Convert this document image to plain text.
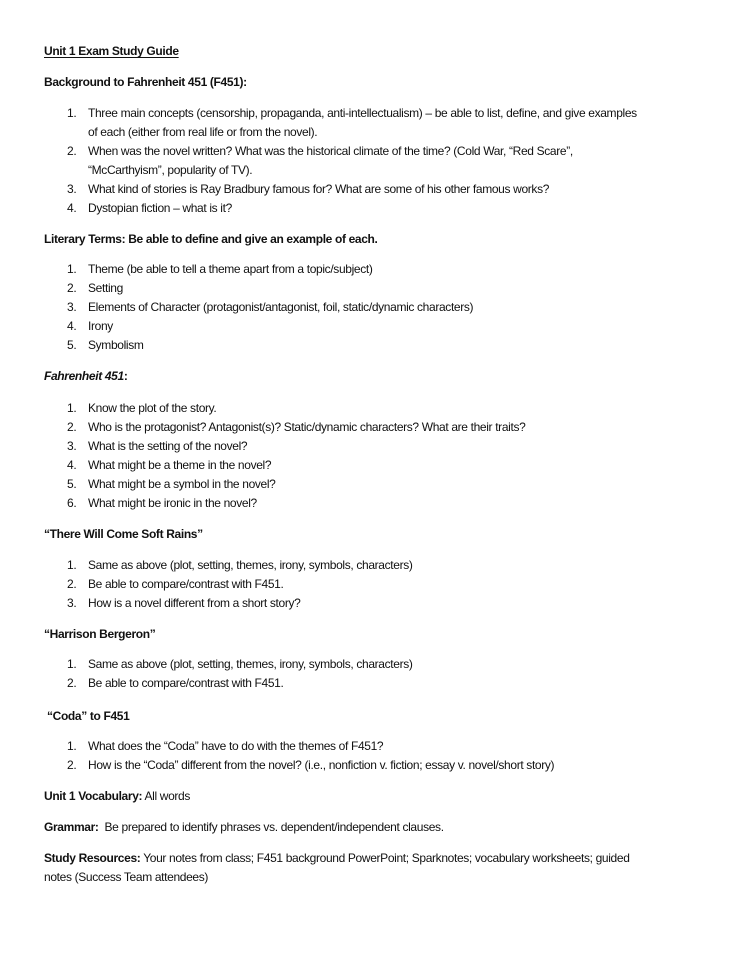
Unit 1 Exam Study Guide
Background to Fahrenheit 451 (F451):
1. Three main concepts (censorship, propaganda, anti-intellectualism) – be able to list, define, and give examples
of each (either from real life or from the novel).
2. When was the novel written? What was the historical climate of the time? (Cold War, “Red Scare”,
“McCarthyism”, popularity of TV).
3. What kind of stories is Ray Bradbury famous for? What are some of his other famous works?
4. Dystopian fiction – what is it?
Literary Terms: Be able to define and give an example of each.
1. Theme (be able to tell a theme apart from a topic/subject)
2. Setting
3. Elements of Character (protagonist/antagonist, foil, static/dynamic characters)
4. Irony
5. Symbolism
Fahrenheit 451:
1. Know the plot of the story.
2. Who is the protagonist? Antagonist(s)? Static/dynamic characters? What are their traits?
3. What is the setting of the novel?
4. What might be a theme in the novel?
5. What might be a symbol in the novel?
6. What might be ironic in the novel?
“There Will Come Soft Rains”
1. Same as above (plot, setting, themes, irony, symbols, characters)
2. Be able to compare/contrast with F451.
3. How is a novel different from a short story?
“Harrison Bergeron”
1. Same as above (plot, setting, themes, irony, symbols, characters)
2. Be able to compare/contrast with F451.
“Coda” to F451
1. What does the “Coda” have to do with the themes of F451?
2. How is the “Coda” different from the novel? (i.e., nonfiction v. fiction; essay v. novel/short story)
Unit 1 Vocabulary: All words
Grammar:  Be prepared to identify phrases vs. dependent/independent clauses.
Study Resources: Your notes from class; F451 background PowerPoint; Sparknotes; vocabulary worksheets; guided
notes (Success Team attendees)
